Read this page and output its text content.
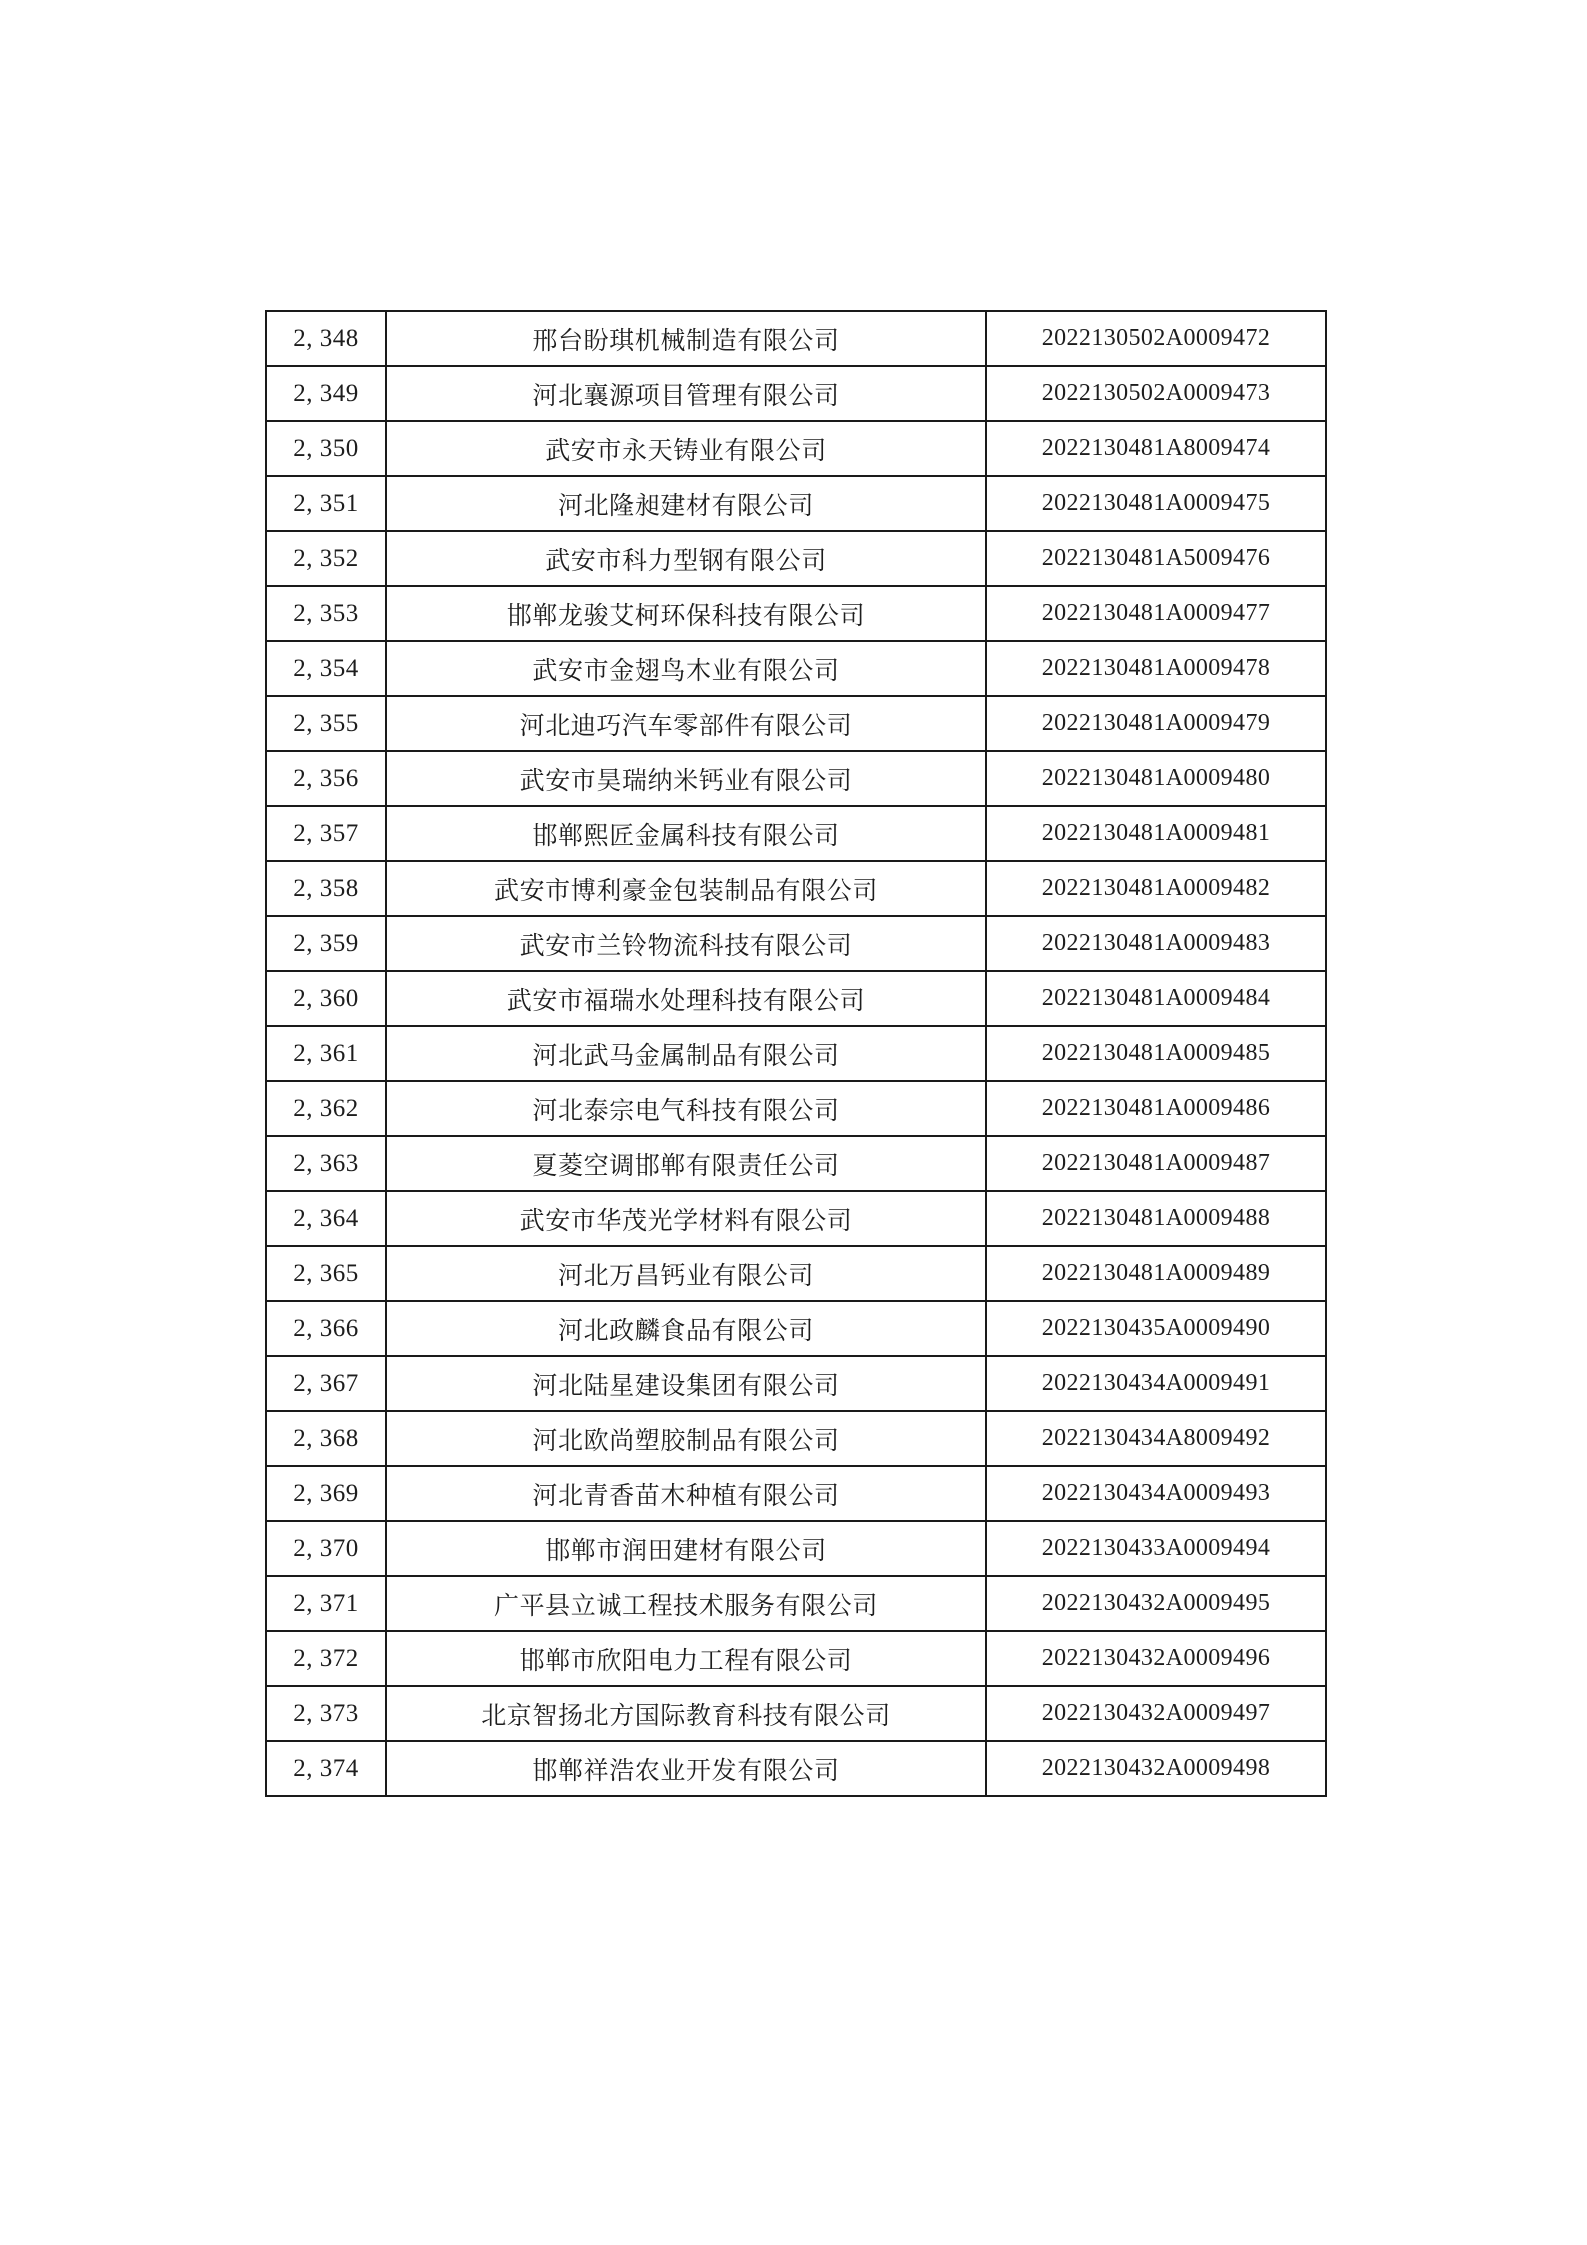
2, 348	邢台盼琪机械制造有限公司	2022130502A0009472
2, 349	河北襄源项目管理有限公司	2022130502A0009473
2, 350	武安市永天铸业有限公司	2022130481A8009474
2, 351	河北隆昶建材有限公司	2022130481A0009475
2, 352	武安市科力型钢有限公司	2022130481A5009476
2, 353	邯郸龙骏艾柯环保科技有限公司	2022130481A0009477
2, 354	武安市金翅鸟木业有限公司	2022130481A0009478
2, 355	河北迪巧汽车零部件有限公司	2022130481A0009479
2, 356	武安市昊瑞纳米钙业有限公司	2022130481A0009480
2, 357	邯郸熙匠金属科技有限公司	2022130481A0009481
2, 358	武安市博利豪金包装制品有限公司	2022130481A0009482
2, 359	武安市兰铃物流科技有限公司	2022130481A0009483
2, 360	武安市福瑞水处理科技有限公司	2022130481A0009484
2, 361	河北武马金属制品有限公司	2022130481A0009485
2, 362	河北泰宗电气科技有限公司	2022130481A0009486
2, 363	夏菱空调邯郸有限责任公司	2022130481A0009487
2, 364	武安市华茂光学材料有限公司	2022130481A0009488
2, 365	河北万昌钙业有限公司	2022130481A0009489
2, 366	河北政麟食品有限公司	2022130435A0009490
2, 367	河北陆星建设集团有限公司	2022130434A0009491
2, 368	河北欧尚塑胶制品有限公司	2022130434A8009492
2, 369	河北青香苗木种植有限公司	2022130434A0009493
2, 370	邯郸市润田建材有限公司	2022130433A0009494
2, 371	广平县立诚工程技术服务有限公司	2022130432A0009495
2, 372	邯郸市欣阳电力工程有限公司	2022130432A0009496
2, 373	北京智扬北方国际教育科技有限公司	2022130432A0009497
2, 374	邯郸祥浩农业开发有限公司	2022130432A0009498
